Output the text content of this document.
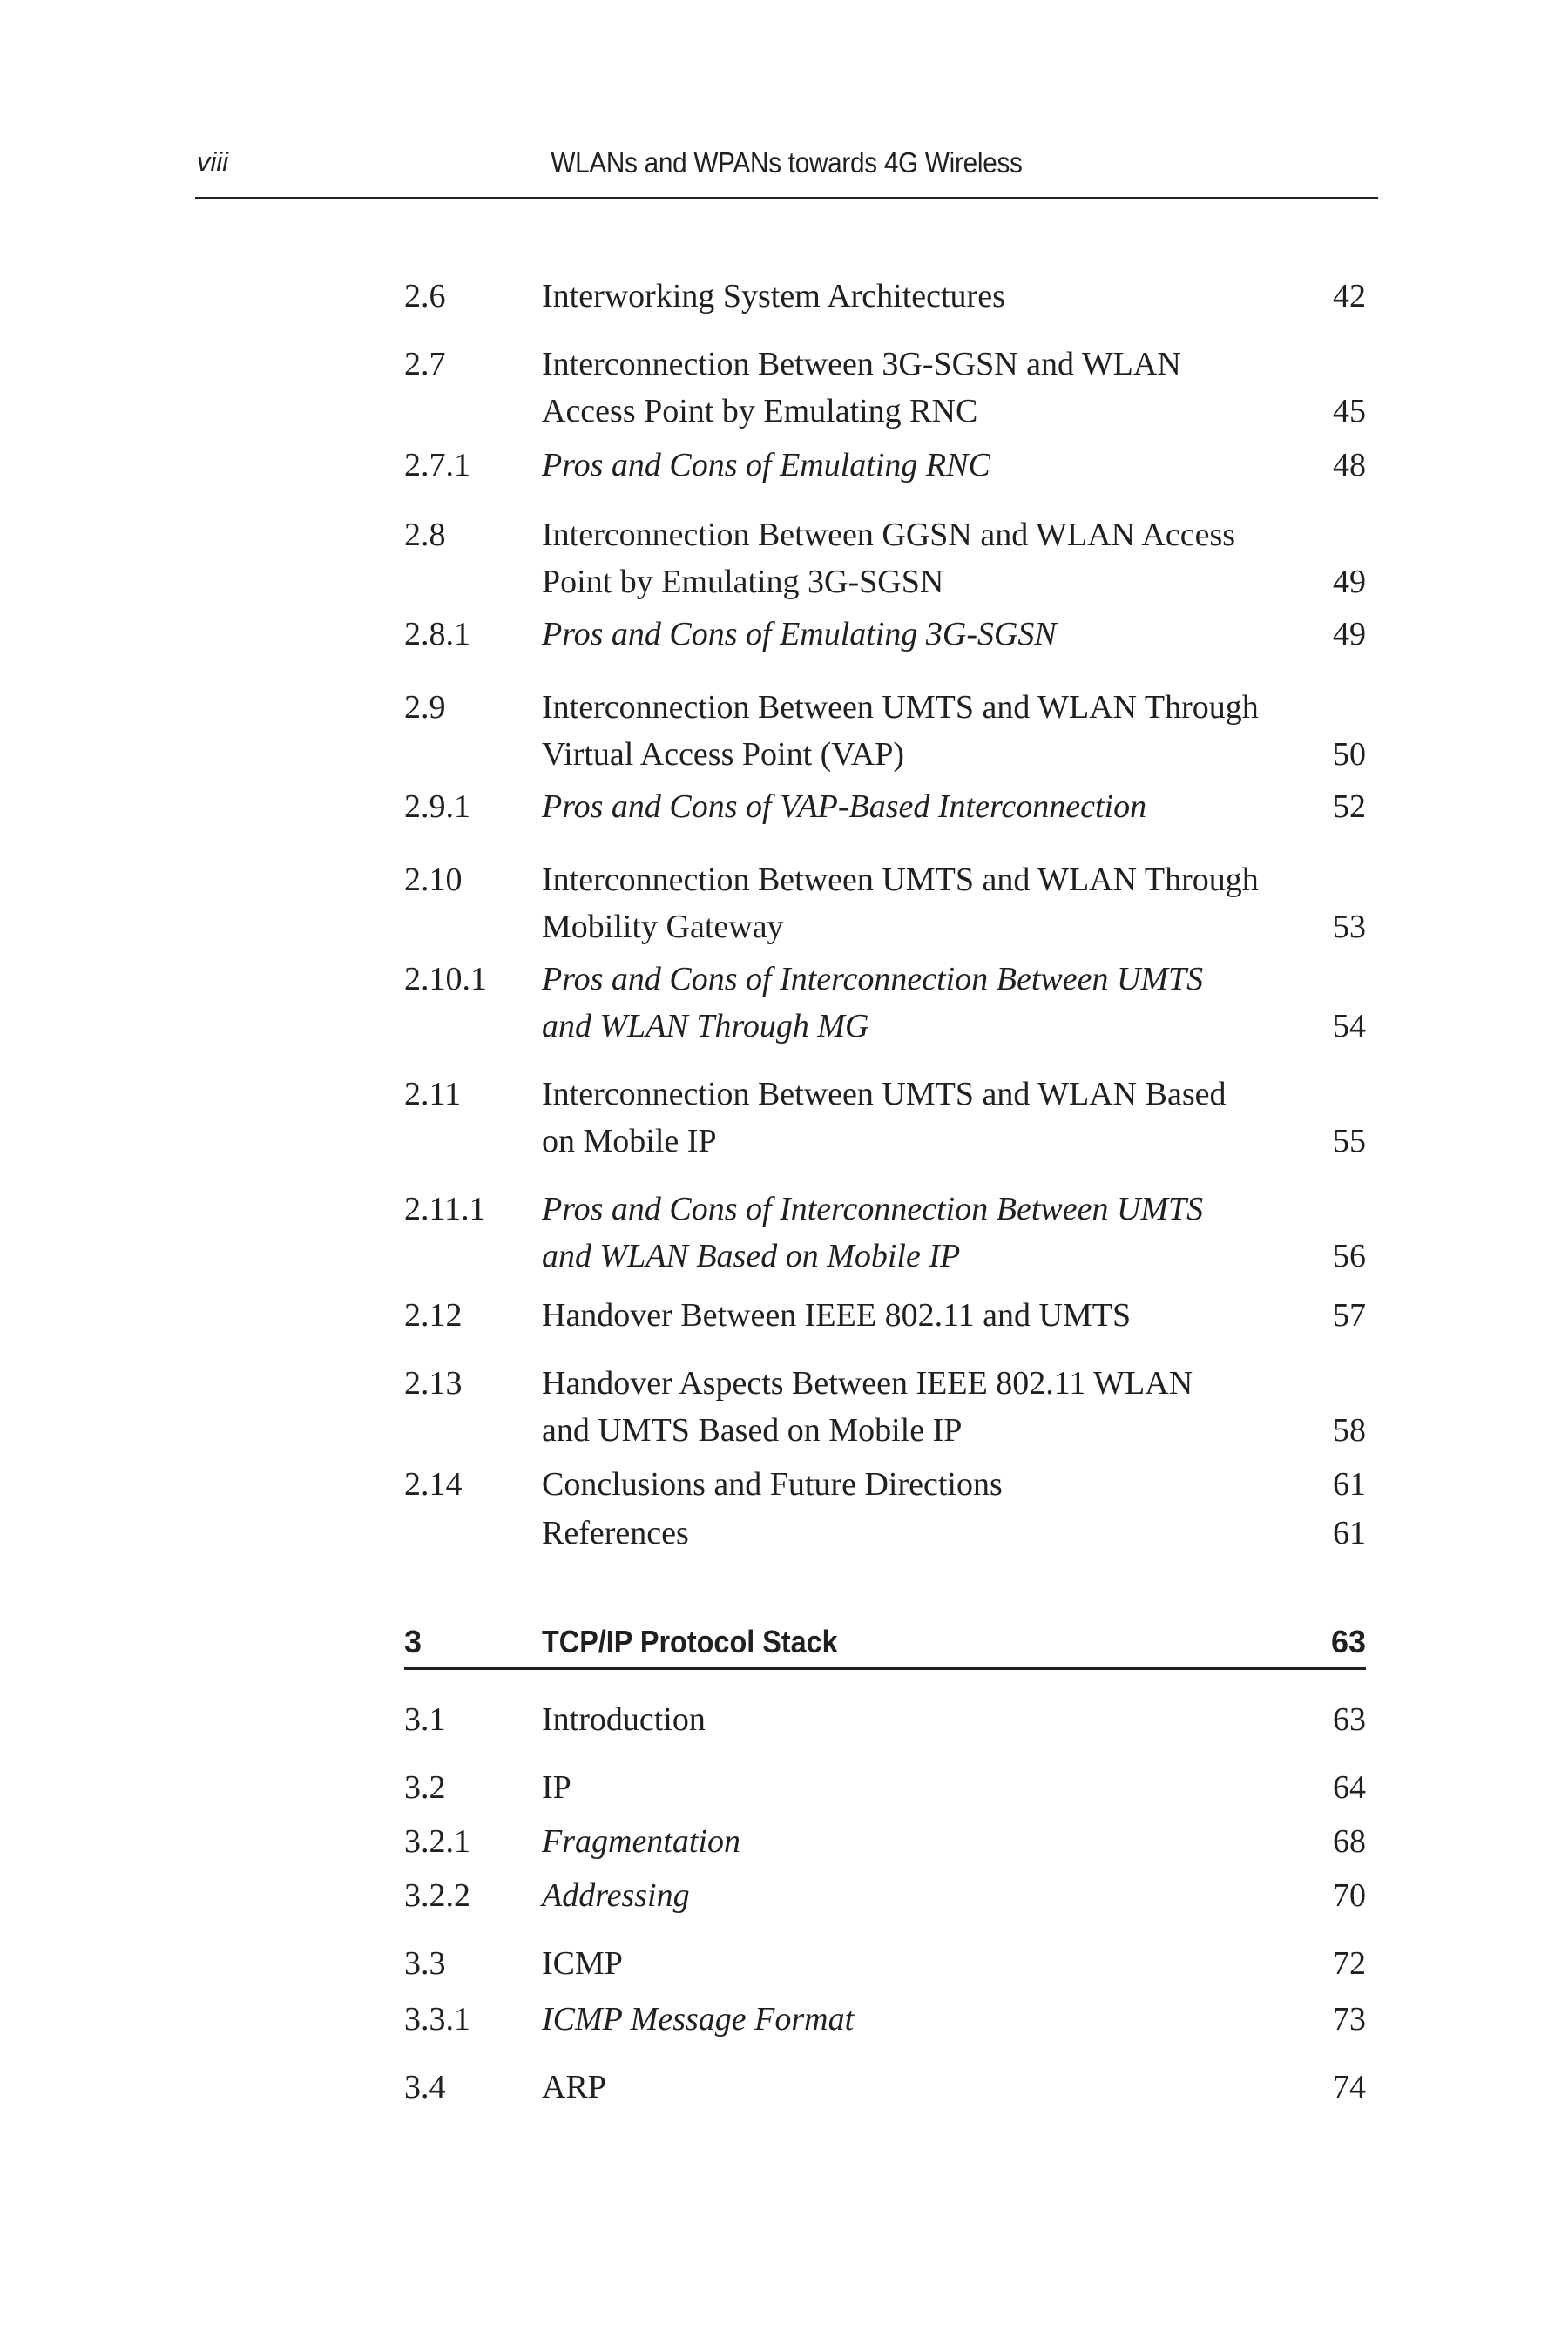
viii	WLANs and WPANs towards 4G Wireless
2.6	Interworking System Architectures	42
2.7	Interconnection Between 3G-SGSN and WLAN
Access Point by Emulating RNC	45
2.7.1 Pros and Cons of Emulating RNC	48
2.8	Interconnection Between GGSN and WLAN Access
Point by Emulating 3G-SGSN	49
2.8.1 Pros and Cons of Emulating 3G-SGSN	49
2.9	Interconnection Between UMTS and WLAN Through
Virtual Access Point (VAP)	50
2.9.1 Pros and Cons of VAP-Based Interconnection	52
2.10 Interconnection Between UMTS and WLAN Through
Mobility Gateway	53
2.10.1 Pros and Cons of Interconnection Between UMTS
and WLAN Through MG	54
2.11 Interconnection Between UMTS and WLAN Based
on Mobile IP	55
2.11.1 Pros and Cons of Interconnection Between UMTS
and WLAN Based on Mobile IP	56
2.12 Handover Between IEEE 802.11 and UMTS	57
2.13 Handover Aspects Between IEEE 802.11 WLAN
and UMTS Based on Mobile IP	58
2.14 Conclusions and Future Directions	61
References	61
3	TCP/IP Protocol Stack	63
3.1	Introduction	63
3.2	IP	64
3.2.1 Fragmentation	68
3.2.2 Addressing	70
3.3	ICMP	72
3.3.1 ICMP Message Format	73
3.4	ARP	74
